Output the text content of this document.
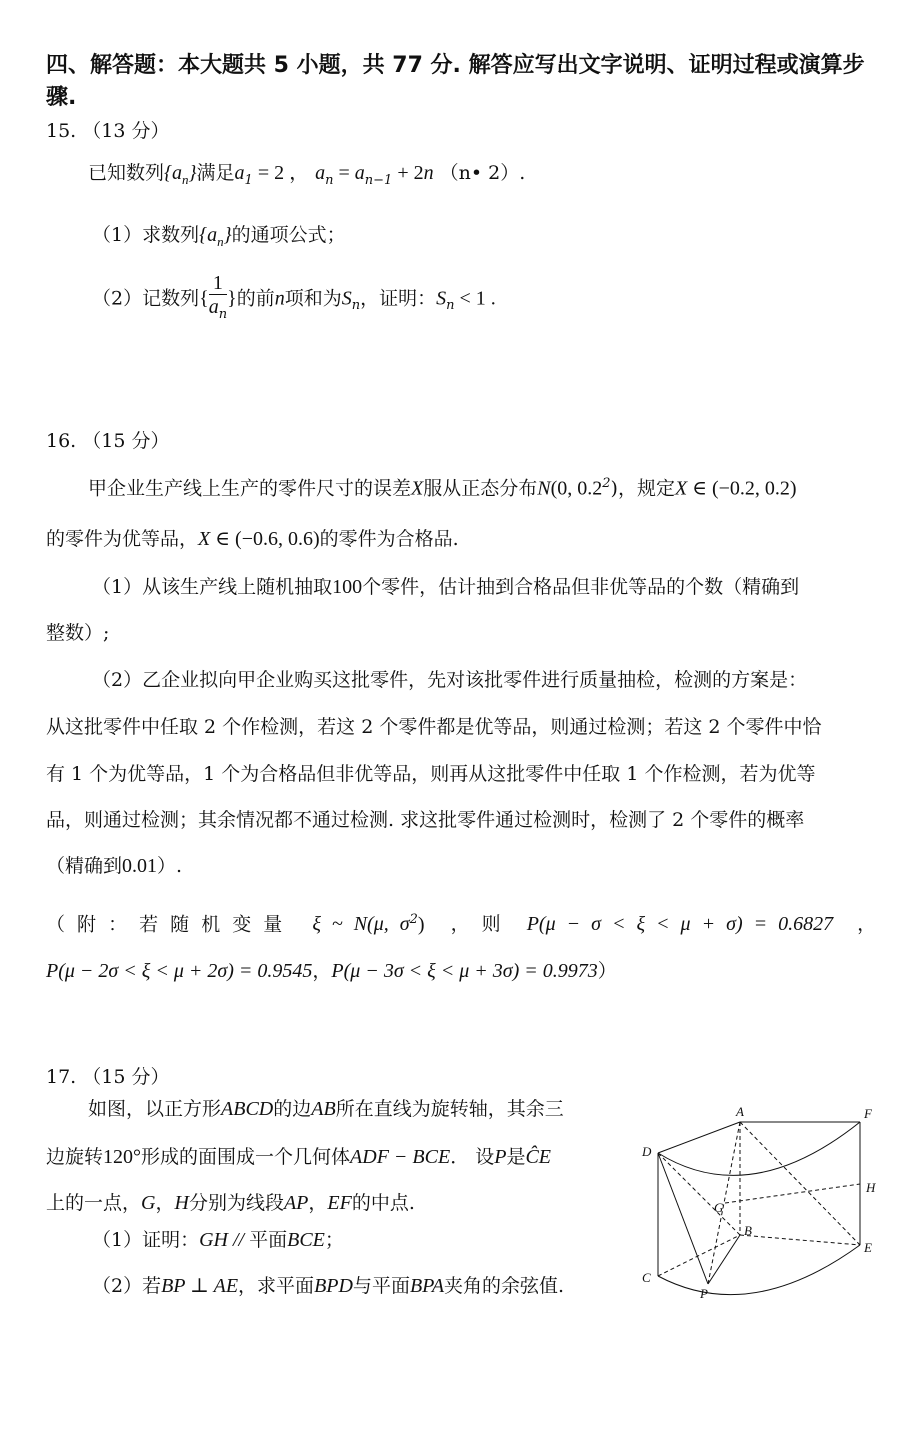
四、解答题：本大题共 5 小题，共 77 分. 解答应写出文字说明、证明过程或演算步骤.
15. （13 分）
已知数列$\{a_n\}$满足$a_1 = 2$ ， $a_n = a_{n-1} + 2n$ （n• 2）.
（1）求数列$\{a_n\}$的通项公式；
（2）记数列{ $\frac{1}{a_n}$ }的前n项和为$S_n$，证明：$S_n < 1$ .
16. （15 分）
甲企业生产线上生产的零件尺寸的误差X服从正态分布N(0, $0.2^2$)，规定X ∈ (−0.2, 0.2)
的零件为优等品，X ∈ (−0.6, 0.6)的零件为合格品.
（1）从该生产线上随机抽取100个零件，估计抽到合格品但非优等品的个数（精确到
整数）;
（2）乙企业拟向甲企业购买这批零件，先对该批零件进行质量抽检，检测的方案是：
从这批零件中任取 2 个作检测，若这 2 个零件都是优等品，则通过检测；若这 2 个零件中恰
有 1 个为优等品，1 个为合格品但非优等品，则再从这批零件中任取 1 个作检测，若为优等
品，则通过检测；其余情况都不通过检测. 求这批零件通过检测时，检测了 2 个零件的概率
（精确到0.01）.
（ 附 ： 若 随 机 变 量 ξ ~ N(μ, $\sigma^2$) ， 则 P(μ − σ < ξ < μ + σ) = 0.6827 ，
P(μ − 2σ < ξ < μ + 2σ) = 0.9545，P(μ − 3σ < ξ < μ + 3σ) = 0.9973）
17. （15 分）
如图，以正方形ABCD的边AB所在直线为旋转轴，其余三
边旋转120°形成的面围成一个几何体ADF − BCE． 设P是ĈE
上的一点，G，H分别为线段AP，EF的中点.
（1）证明：GH // 平面BCE；
（2）若BP ⊥ AE，求平面BPD与平面BPA夹角的余弦值.
A	F
D
H
G
B
E
C
P
